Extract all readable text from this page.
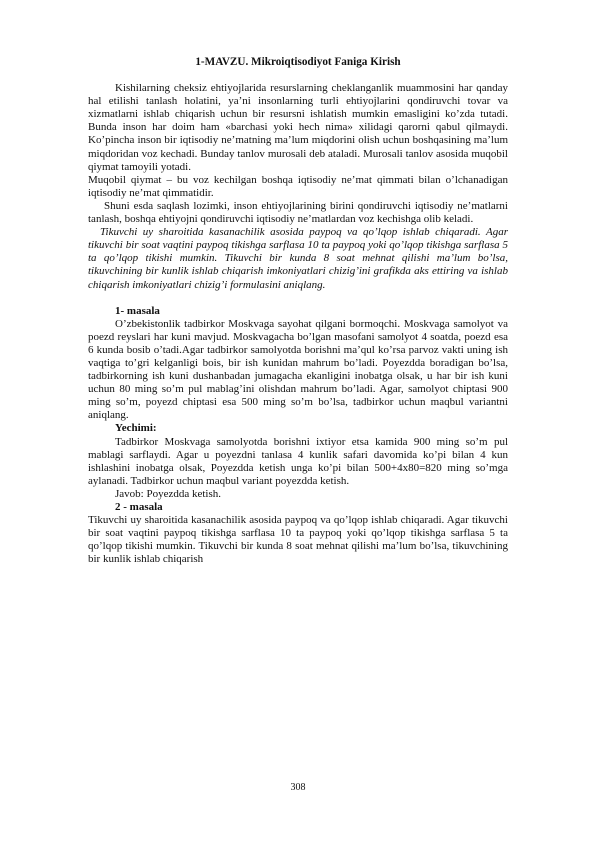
1-MAVZU. Mikroiqtisodiyot Faniga Kirish

Kishilarning cheksiz ehtiyojlarida resurslarning cheklanganlik muammosini har qanday hal etilishi tanlash holatini, ya’ni insonlarning turli ehtiyojlarini qondiruvchi tovar va xizmatlarni ishlab chiqarish uchun bir resursni ishlatish mumkin emasligini ko’zda tutadi. Bunda inson har doim ham «barchasi yoki hech nima» xilidagi qarorni qabul qilmaydi. Ko’pincha inson bir iqtisodiy ne’matning ma’lum miqdorini olish uchun boshqasining ma’lum miqdoridan voz kechadi. Bunday tanlov murosali deb ataladi. Murosali tanlov asosida muqobil qiymat tamoyili yotadi.

Muqobil qiymat – bu voz kechilgan boshqa iqtisodiy ne’mat qimmati bilan o’lchanadigan iqtisodiy ne’mat qimmatidir.

Shuni esda saqlash lozimki, inson ehtiyojlarining birini qondiruvchi iqtisodiy ne’matlarni tanlash, boshqa ehtiyojni qondiruvchi iqtisodiy ne’matlardan voz kechishga olib keladi.

Tikuvchi uy sharoitida kasanachilik asosida paypoq va qo’lqop ishlab chiqaradi. Agar tikuvchi bir soat vaqtini paypoq tikishga sarflasa 10 ta paypoq yoki qo’lqop tikishga sarflasa 5 ta qo’lqop tikishi mumkin. Tikuvchi bir kunda 8 soat mehnat qilishi ma’lum bo’lsa, tikuvchining bir kunlik ishlab chiqarish imkoniyatlari chizig’ini grafikda aks ettiring va ishlab chiqarish imkoniyatlari chizig’i formulasini aniqlang.

1- masala

O’zbekistonlik tadbirkor Moskvaga sayohat qilgani bormoqchi. Moskvaga samolyot va poezd reyslari har kuni mavjud. Moskvagacha bo’lgan masofani samolyot 4 soatda, poezd esa 6 kunda bosib o’tadi.Agar tadbirkor samolyotda borishni ma’qul ko’rsa parvoz vakti uning ish vaqtiga to’gri kelganligi bois, bir ish kunidan mahrum bo’ladi. Poyezdda boradigan bo’lsa, tadbirkorning ish kuni dushanbadan jumagacha ekanligini inobatga olsak, u har bir ish kuni uchun 80 ming so’m pul mablag’ini olishdan mahrum bo’ladi. Agar, samolyot chiptasi 900 ming so’m, poyezd chiptasi esa 500 ming so’m bo’lsa, tadbirkor uchun maqbul variantni aniqlang.

Yechimi:

Tadbirkor Moskvaga samolyotda borishni ixtiyor etsa kamida 900 ming so’m pul mablagi sarflaydi. Agar u poyezdni tanlasa 4 kunlik safari davomida ko’pi bilan 4 kun ishlashini inobatga olsak, Poyezdda ketish unga ko’pi bilan 500+4x80=820 ming so’mga aylanadi. Tadbirkor uchun maqbul variant poyezdda ketish.

Javob: Poyezdda ketish.

2 - masala

Tikuvchi uy sharoitida kasanachilik asosida paypoq va qo’lqop ishlab chiqaradi. Agar tikuvchi bir soat vaqtini paypoq tikishga sarflasa 10 ta paypoq yoki qo’lqop tikishga sarflasa 5 ta qo’lqop tikishi mumkin. Tikuvchi bir kunda 8 soat mehnat qilishi ma’lum bo’lsa, tikuvchining bir kunlik ishlab chiqarish

308
